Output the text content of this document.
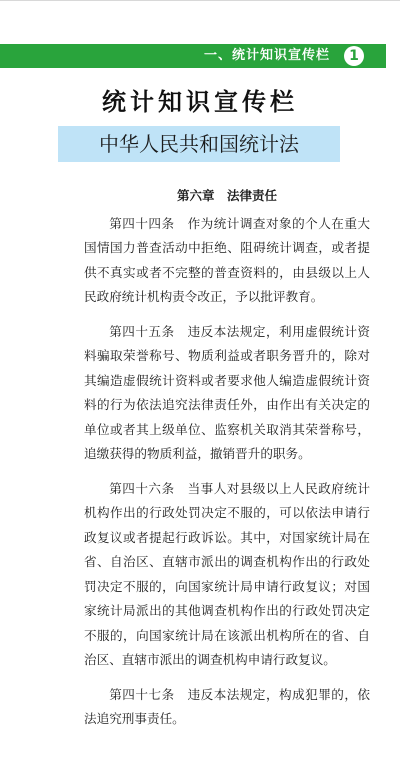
一、统计知识宣传栏	1
统计知识宣传栏
中华人民共和国统计法

第六章　法律责任

第四十四条　作为统计调查对象的个人在重大国情国力普查活动中拒绝、阻碍统计调查，或者提供不真实或者不完整的普查资料的，由县级以上人民政府统计机构责令改正，予以批评教育。

第四十五条　违反本法规定，利用虚假统计资料骗取荣誉称号、物质利益或者职务晋升的，除对其编造虚假统计资料或者要求他人编造虚假统计资料的行为依法追究法律责任外，由作出有关决定的单位或者其上级单位、监察机关取消其荣誉称号，追缴获得的物质利益，撤销晋升的职务。

第四十六条　当事人对县级以上人民政府统计机构作出的行政处罚决定不服的，可以依法申请行政复议或者提起行政诉讼。其中，对国家统计局在省、自治区、直辖市派出的调查机构作出的行政处罚决定不服的，向国家统计局申请行政复议；对国家统计局派出的其他调查机构作出的行政处罚决定不服的，向国家统计局在该派出机构所在的省、自治区、直辖市派出的调查机构申请行政复议。

第四十七条　违反本法规定，构成犯罪的，依法追究刑事责任。
